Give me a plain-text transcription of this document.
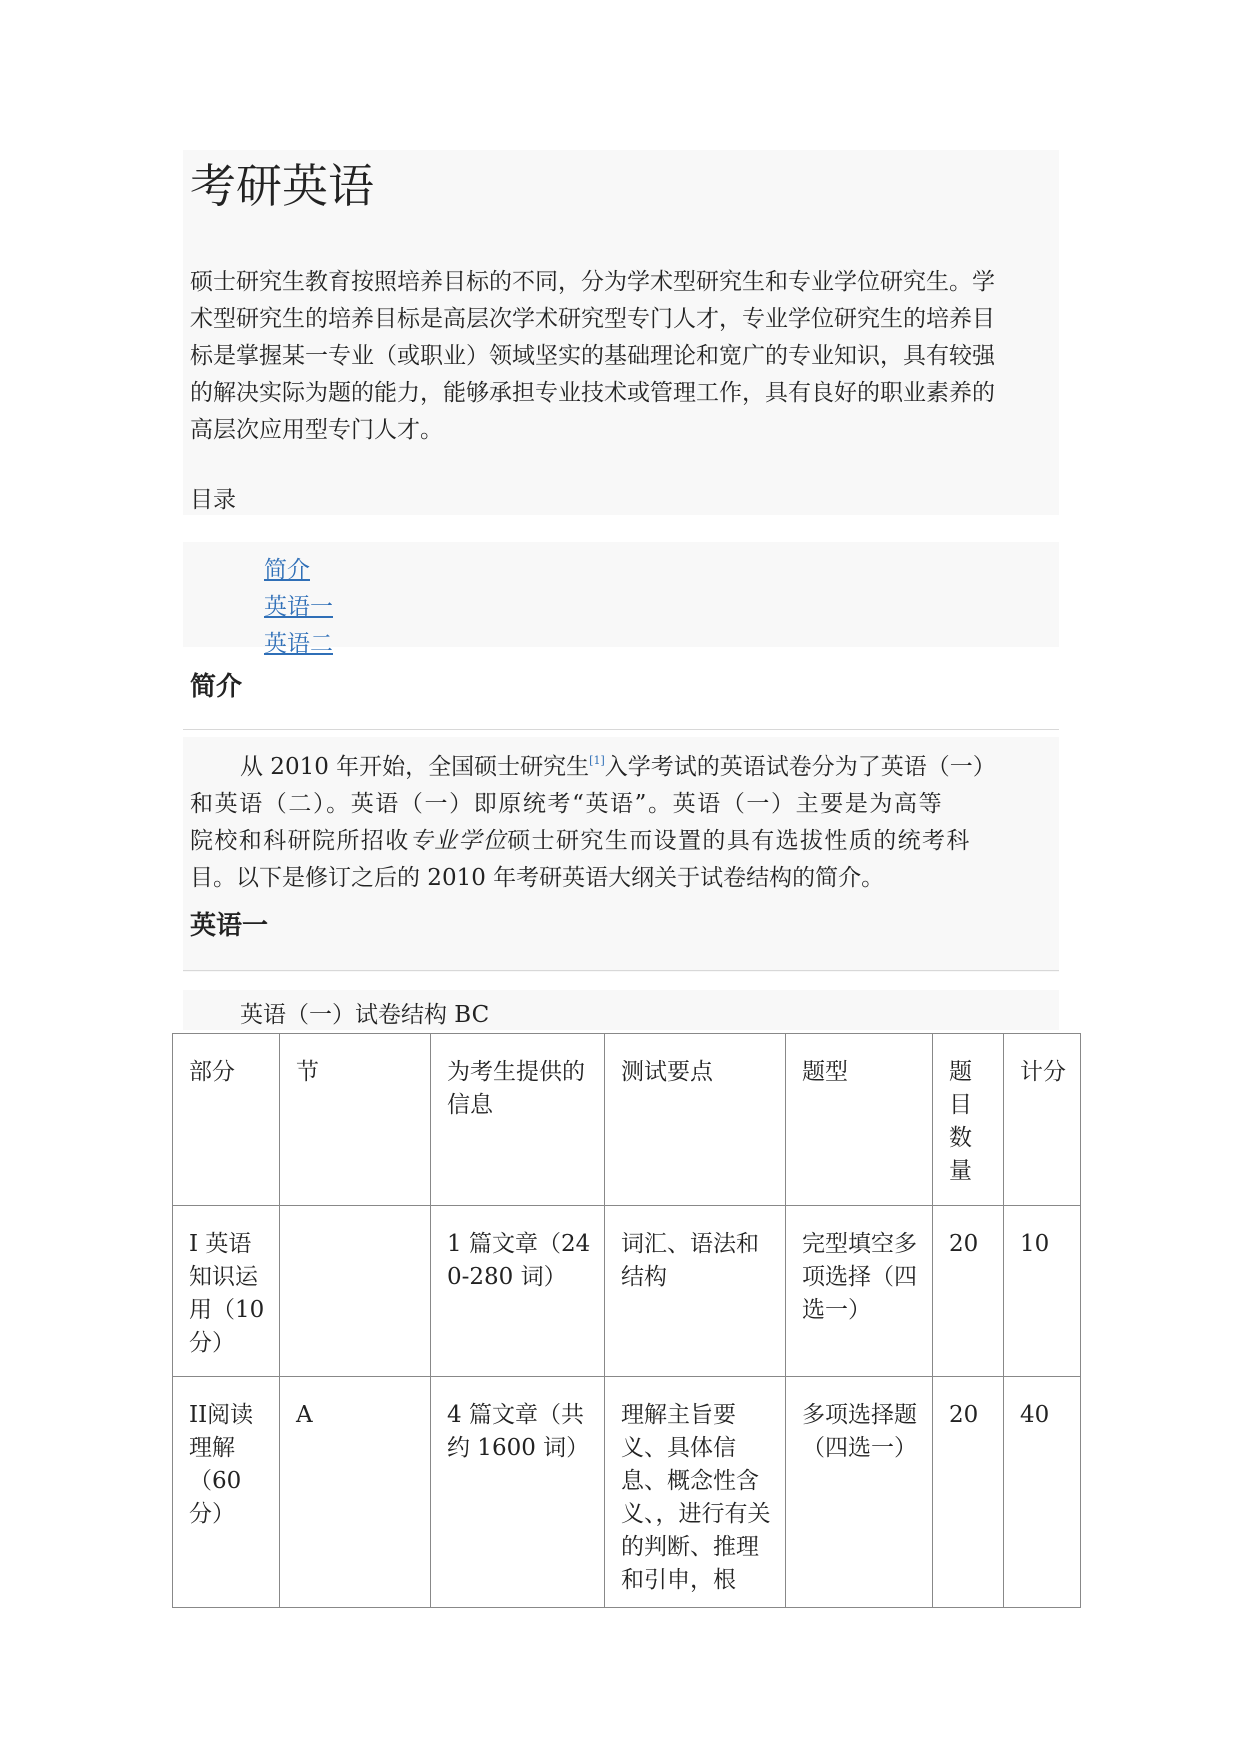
考研英语
硕士研究生教育按照培养目标的不同，分为学术型研究生和专业学位研究生。学
术型研究生的培养目标是高层次学术研究型专门人才，专业学位研究生的培养目
标是掌握某一专业（或职业）领域坚实的基础理论和宽广的专业知识，具有较强
的解决实际为题的能力，能够承担专业技术或管理工作，具有良好的职业素养的
高层次应用型专门人才。
目录
简介
英语一
英语二
简介
从 2010 年开始，全国硕士研究生[1]入学考试的英语试卷分为了英语（一）
和英语（二）。英语（一）即原统考“英语”。英语（一）主要是为高等
院校和科研院所招收专业学位硕士研究生而设置的具有选拔性质的统考科
目。以下是修订之后的 2010 年考研英语大纲关于试卷结构的简介。
英语一
英语（一）试卷结构 BC
部分	节	为考生提供的信息	测试要点	题型	题目数量	计分
I 英语知识运用（10 分）		1 篇文章（240-280 词）	词汇、语法和结构	完型填空多项选择（四选一）	20	10
II阅读理解（60 分）	A	4 篇文章（共约 1600 词）	理解主旨要义、具体信息、概念性含义、，进行有关的判断、推理和引申，根	多项选择题（四选一）	20	40
